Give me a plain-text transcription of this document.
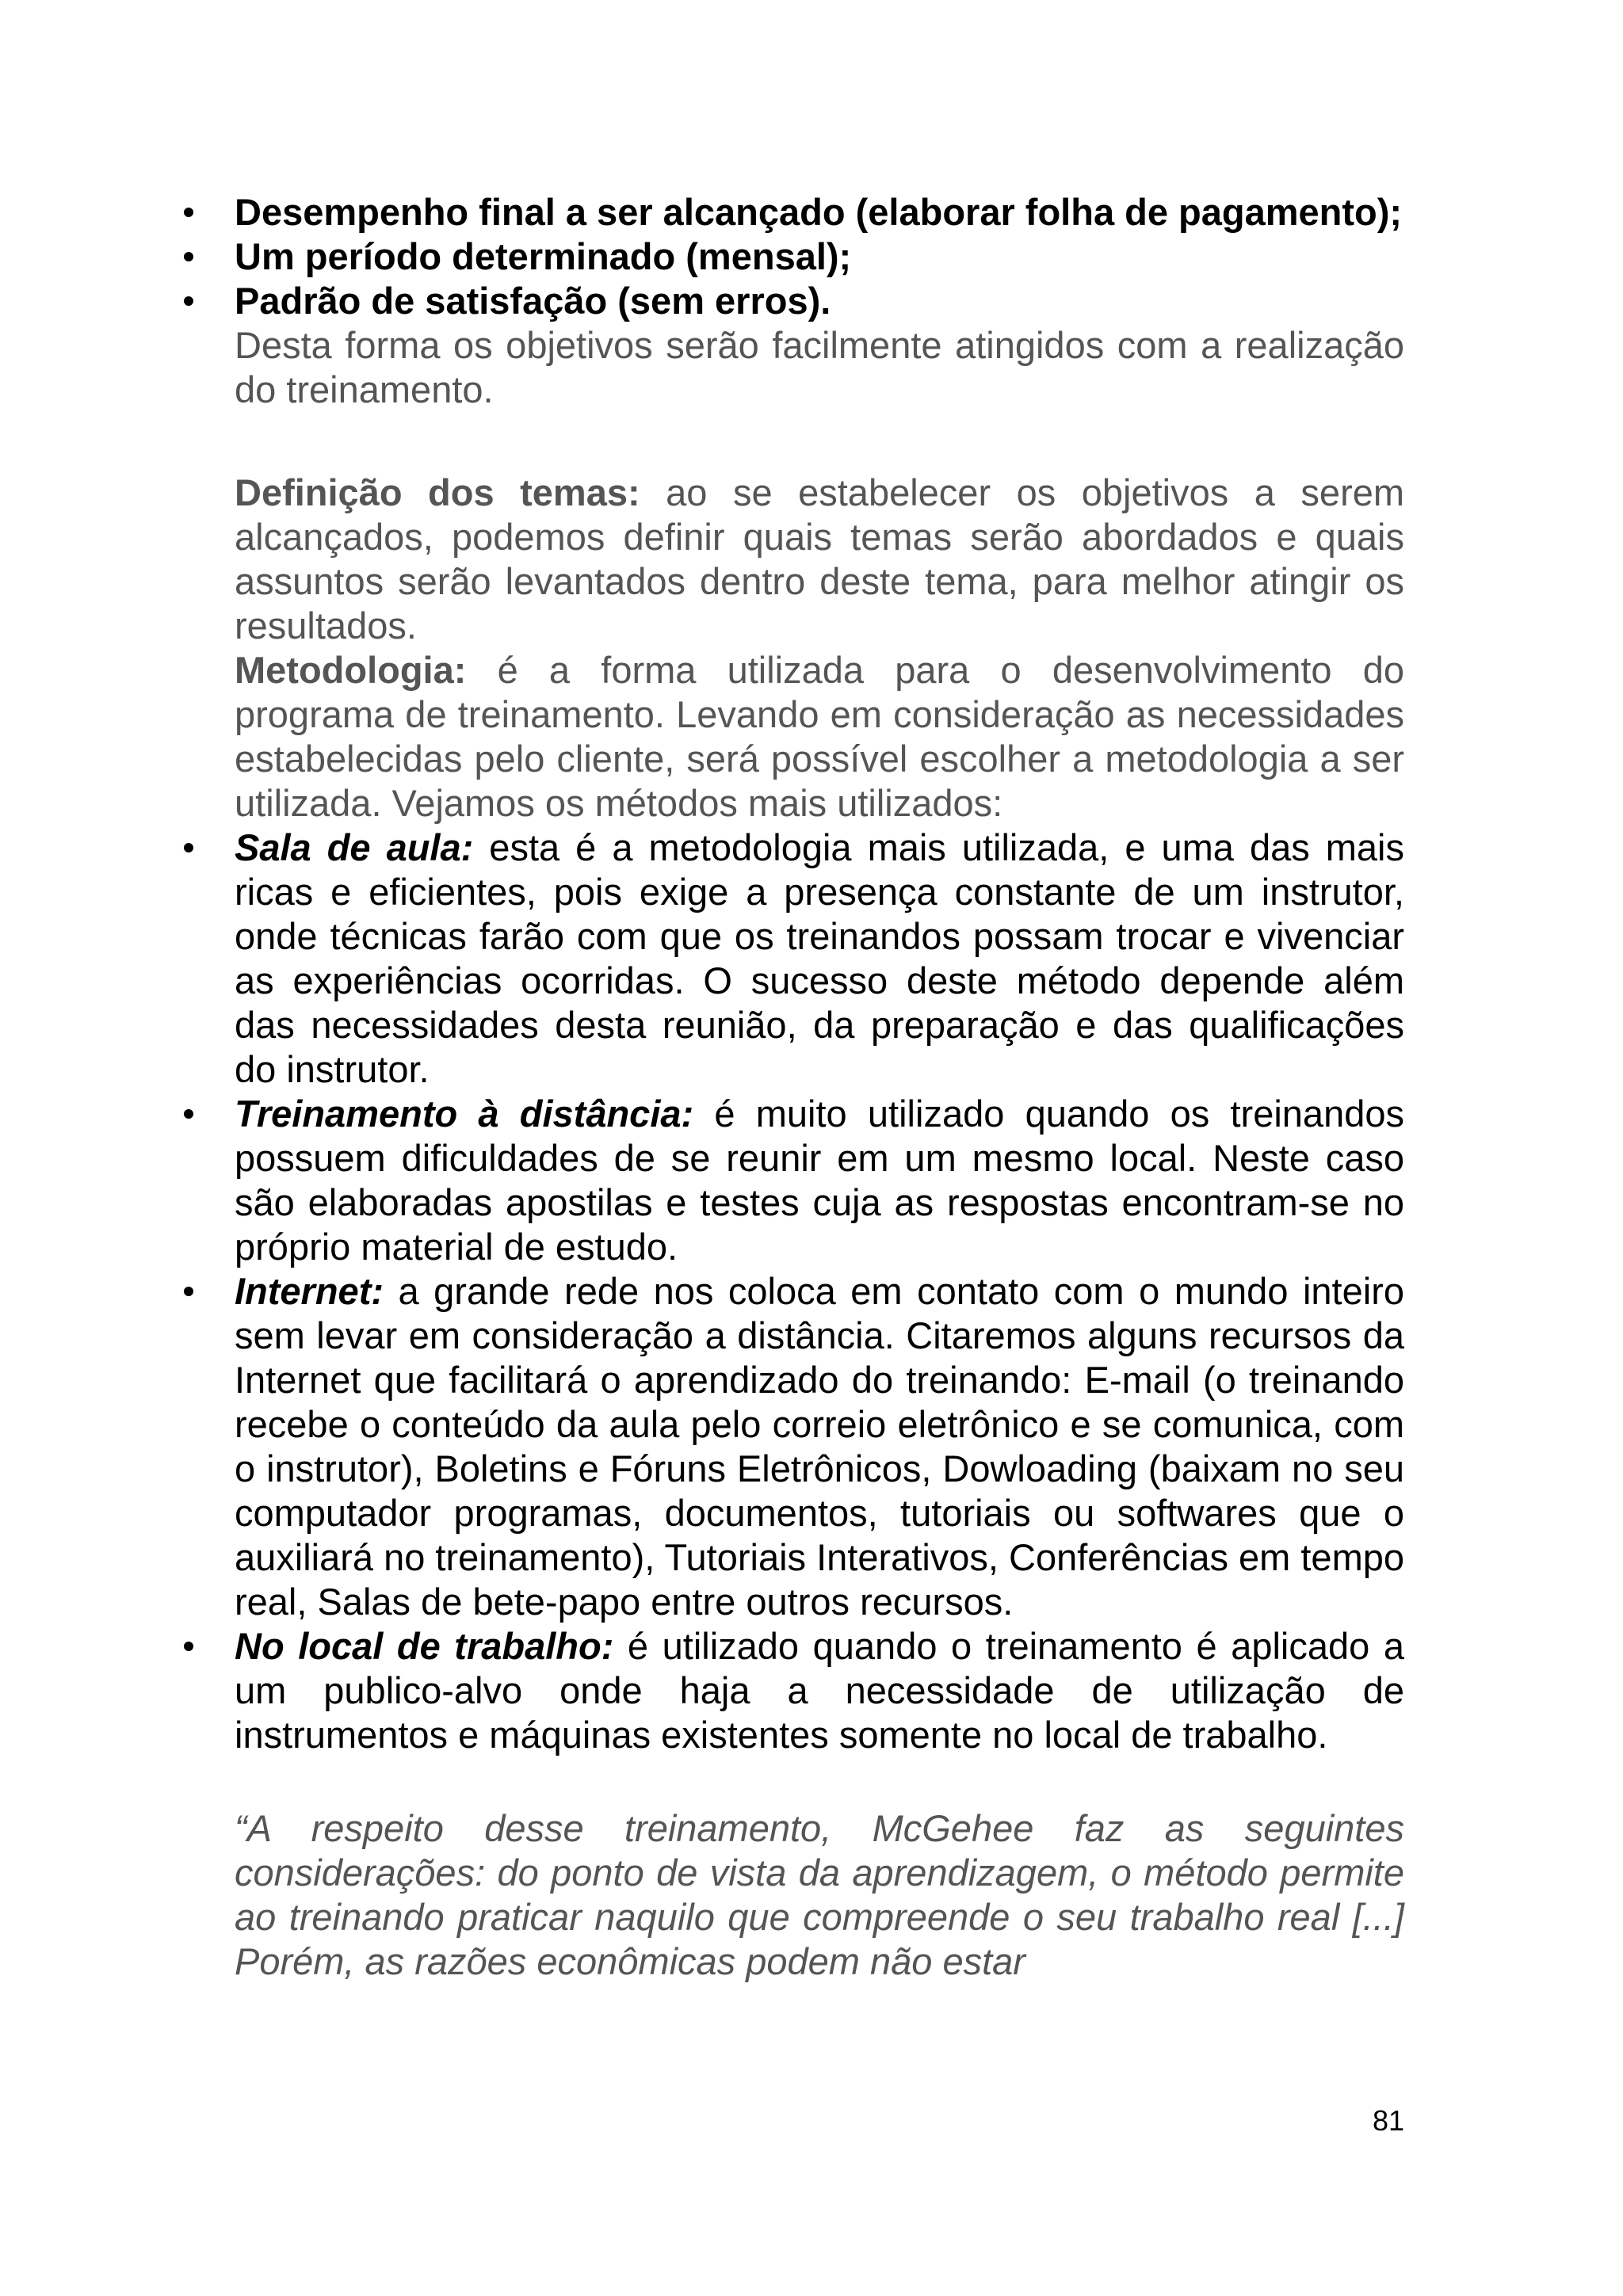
Desempenho final a ser alcançado (elaborar folha de pagamento);
Um período determinado (mensal);
Padrão de satisfação (sem erros).
Desta forma os objetivos serão facilmente atingidos com a realização do treinamento.
Definição dos temas: ao se estabelecer os objetivos a serem alcançados, podemos definir quais temas serão abordados e quais assuntos serão levantados dentro deste tema, para melhor atingir os resultados.
Metodologia: é a forma utilizada para o desenvolvimento do programa de treinamento. Levando em consideração as necessidades estabelecidas pelo cliente, será possível escolher a metodologia a ser utilizada. Vejamos os métodos mais utilizados:
Sala de aula: esta é a metodologia mais utilizada, e uma das mais ricas e eficientes, pois exige a presença constante de um instrutor, onde técnicas farão com que os treinandos possam trocar e vivenciar as experiências ocorridas. O sucesso deste método depende além das necessidades desta reunião, da preparação e das qualificações do instrutor.
Treinamento à distância: é muito utilizado quando os treinandos possuem dificuldades de se reunir em um mesmo local. Neste caso são elaboradas apostilas e testes cuja as respostas encontram-se no próprio material de estudo.
Internet: a grande rede nos coloca em contato com o mundo inteiro sem levar em consideração a distância. Citaremos alguns recursos da Internet que facilitará o aprendizado do treinando: E-mail (o treinando recebe o conteúdo da aula pelo correio eletrônico e se comunica, com o instrutor), Boletins e Fóruns Eletrônicos, Dowloading (baixam no seu computador programas, documentos, tutoriais ou softwares que o auxiliará no treinamento), Tutoriais Interativos, Conferências em tempo real, Salas de bete-papo entre outros recursos.
No local de trabalho: é utilizado quando o treinamento é aplicado a um publico-alvo onde haja a necessidade de utilização de instrumentos e máquinas existentes somente no local de trabalho.
“A respeito desse treinamento, McGehee faz as seguintes considerações: do ponto de vista da aprendizagem, o método permite ao treinando praticar naquilo que compreende o seu trabalho real [...] Porém, as razões econômicas podem não estar
81
